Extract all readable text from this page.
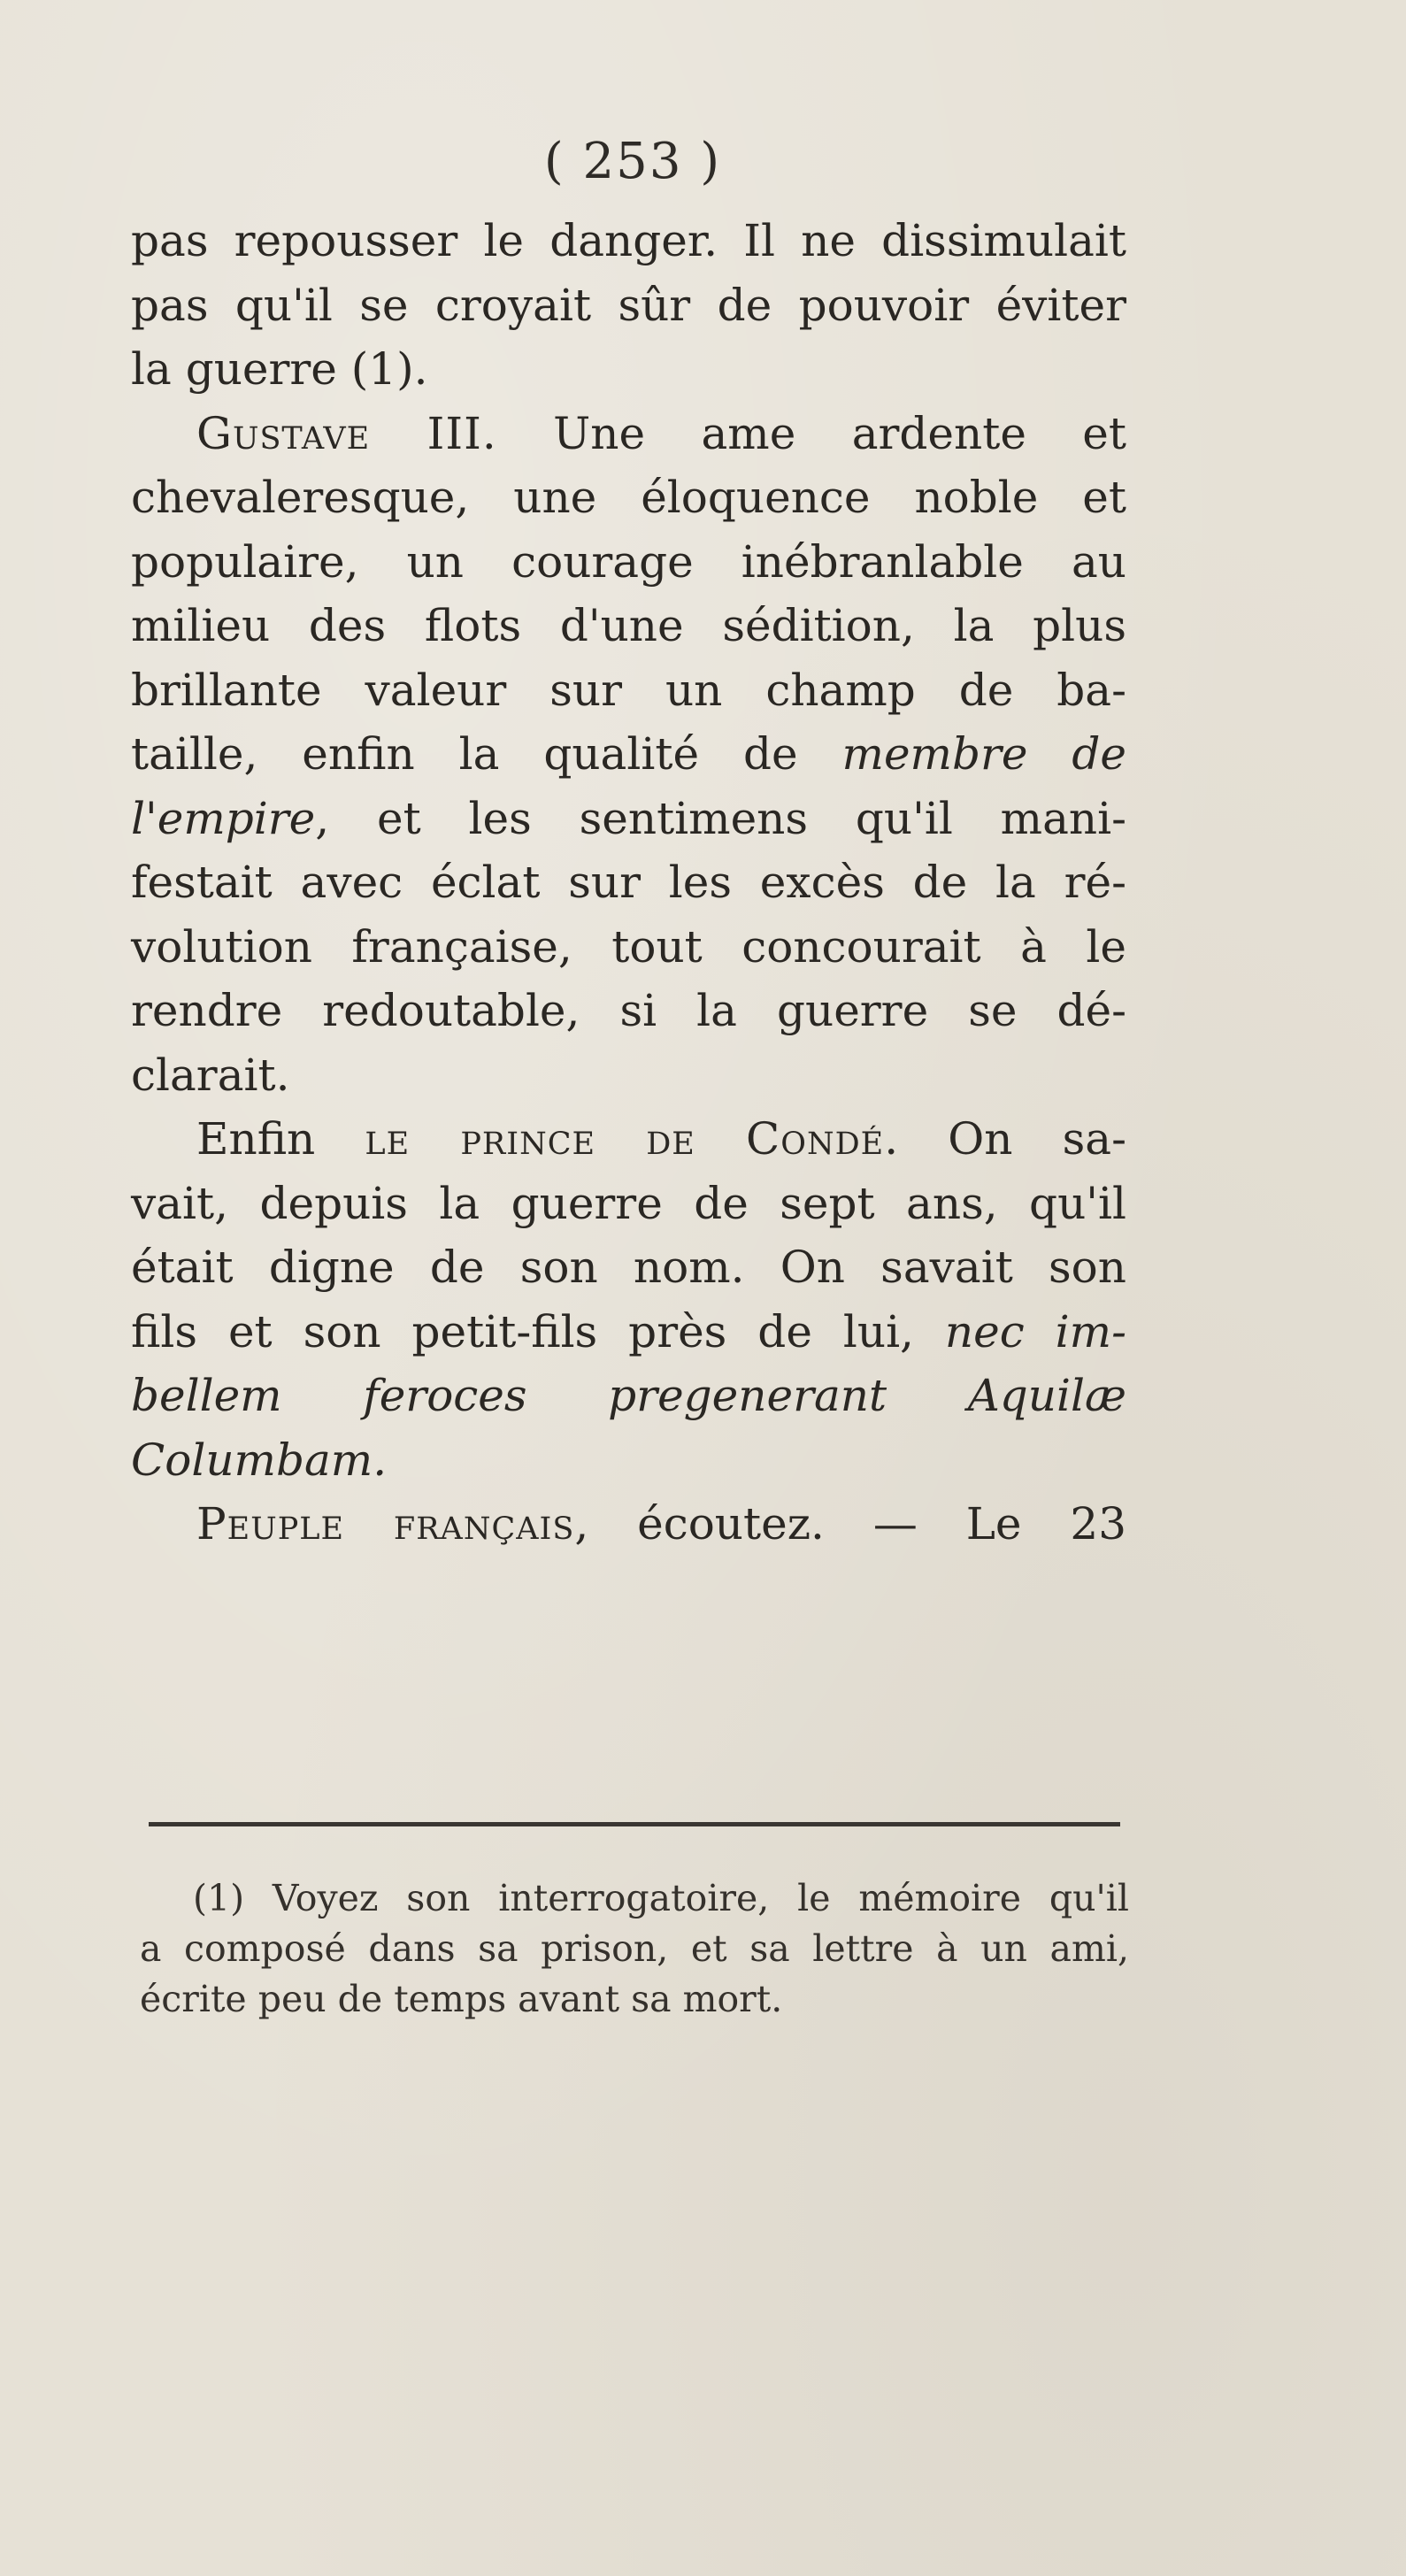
( 253 )
pas repousser le danger. Il ne dissimulait
pas qu'il se croyait sûr de pouvoir éviter
la guerre (1).
Gustave III. Une ame ardente et
chevaleresque, une éloquence noble et
populaire, un courage inébranlable au
milieu des flots d'une sédition, la plus
brillante valeur sur un champ de ba-
taille, enfin la qualité de membre de
l'empire, et les sentimens qu'il mani-
festait avec éclat sur les excès de la ré-
volution française, tout concourait à le
rendre redoutable, si la guerre se dé-
clarait.
Enfin le prince de Condé. On sa-
vait, depuis la guerre de sept ans, qu'il
était digne de son nom. On savait son
fils et son petit-fils près de lui, nec im-
bellem feroces pregenerant Aquilæ
Columbam.
Peuple français, écoutez. — Le 23
(1) Voyez son interrogatoire, le mémoire qu'il
a composé dans sa prison, et sa lettre à un ami,
écrite peu de temps avant sa mort.
